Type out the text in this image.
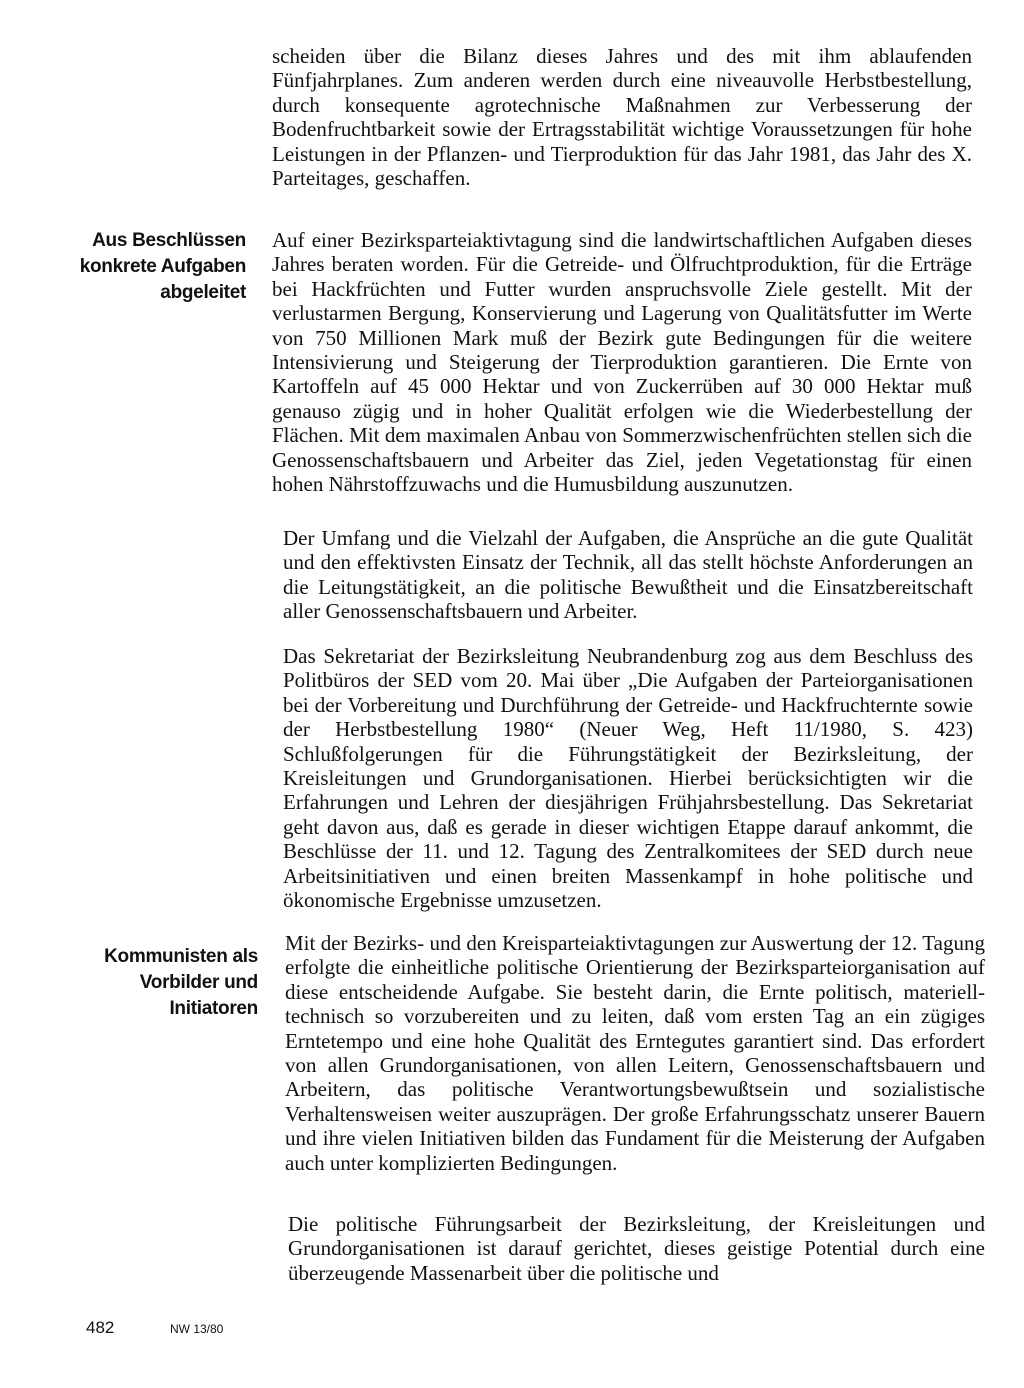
scheiden über die Bilanz dieses Jahres und des mit ihm ablaufenden Fünfjahrplanes. Zum anderen werden durch eine niveauvolle Herbstbestellung, durch konsequente agrotechnische Maßnahmen zur Verbesserung der Bodenfruchtbarkeit sowie der Ertragsstabilität wichtige Voraussetzungen für hohe Leistungen in der Pflanzen- und Tierproduktion für das Jahr 1981, das Jahr des X. Parteitages, geschaffen.

Aus Beschlüssen
konkrete Aufgaben
abgeleitet

Auf einer Bezirksparteiaktivtagung sind die landwirtschaftlichen Aufgaben dieses Jahres beraten worden. Für die Getreide- und Ölfruchtproduktion, für die Erträge bei Hackfrüchten und Futter wurden anspruchsvolle Ziele gestellt. Mit der verlustarmen Bergung, Konservierung und Lagerung von Qualitätsfutter im Werte von 750 Millionen Mark muß der Bezirk gute Bedingungen für die weitere Intensivierung und Steigerung der Tierproduktion garantieren. Die Ernte von Kartoffeln auf 45 000 Hektar und von Zuckerrüben auf 30 000 Hektar muß genauso zügig und in hoher Qualität erfolgen wie die Wiederbestellung der Flächen. Mit dem maximalen Anbau von Sommerzwischenfrüchten stellen sich die Genossenschaftsbauern und Arbeiter das Ziel, jeden Vegetationstag für einen hohen Nährstoffzuwachs und die Humusbildung auszunutzen.

Der Umfang und die Vielzahl der Aufgaben, die Ansprüche an die gute Qualität und den effektivsten Einsatz der Technik, all das stellt höchste Anforderungen an die Leitungstätigkeit, an die politische Bewußtheit und die Einsatzbereitschaft aller Genossenschaftsbauern und Arbeiter.

Das Sekretariat der Bezirksleitung Neubrandenburg zog aus dem Beschluss des Politbüros der SED vom 20. Mai über „Die Aufgaben der Parteiorganisationen bei der Vorbereitung und Durchführung der Getreide- und Hackfruchternte sowie der Herbstbestellung 1980“ (Neuer Weg, Heft 11/1980, S. 423) Schlußfolgerungen für die Führungstätigkeit der Bezirksleitung, der Kreisleitungen und Grundorganisationen. Hierbei berücksichtigten wir die Erfahrungen und Lehren der diesjährigen Frühjahrsbestellung. Das Sekretariat geht davon aus, daß es gerade in dieser wichtigen Etappe darauf ankommt, die Beschlüsse der 11. und 12. Tagung des Zentralkomitees der SED durch neue Arbeitsinitiativen und einen breiten Massenkampf in hohe politische und ökonomische Ergebnisse umzusetzen.

Kommunisten als
Vorbilder und
Initiatoren

Mit der Bezirks- und den Kreisparteiaktivtagungen zur Auswertung der 12. Tagung erfolgte die einheitliche politische Orientierung der Bezirksparteiorganisation auf diese entscheidende Aufgabe. Sie besteht darin, die Ernte politisch, materiell-technisch so vorzubereiten und zu leiten, daß vom ersten Tag an ein zügiges Erntetempo und eine hohe Qualität des Erntegutes garantiert sind. Das erfordert von allen Grundorganisationen, von allen Leitern, Genossenschaftsbauern und Arbeitern, das politische Verantwortungsbewußtsein und sozialistische Verhaltensweisen weiter auszuprägen. Der große Erfahrungsschatz unserer Bauern und ihre vielen Initiativen bilden das Fundament für die Meisterung der Aufgaben auch unter komplizierten Bedingungen.

Die politische Führungsarbeit der Bezirksleitung, der Kreisleitungen und Grundorganisationen ist darauf gerichtet, dieses geistige Potential durch eine überzeugende Massenarbeit über die politische und

482	NW 13/80
